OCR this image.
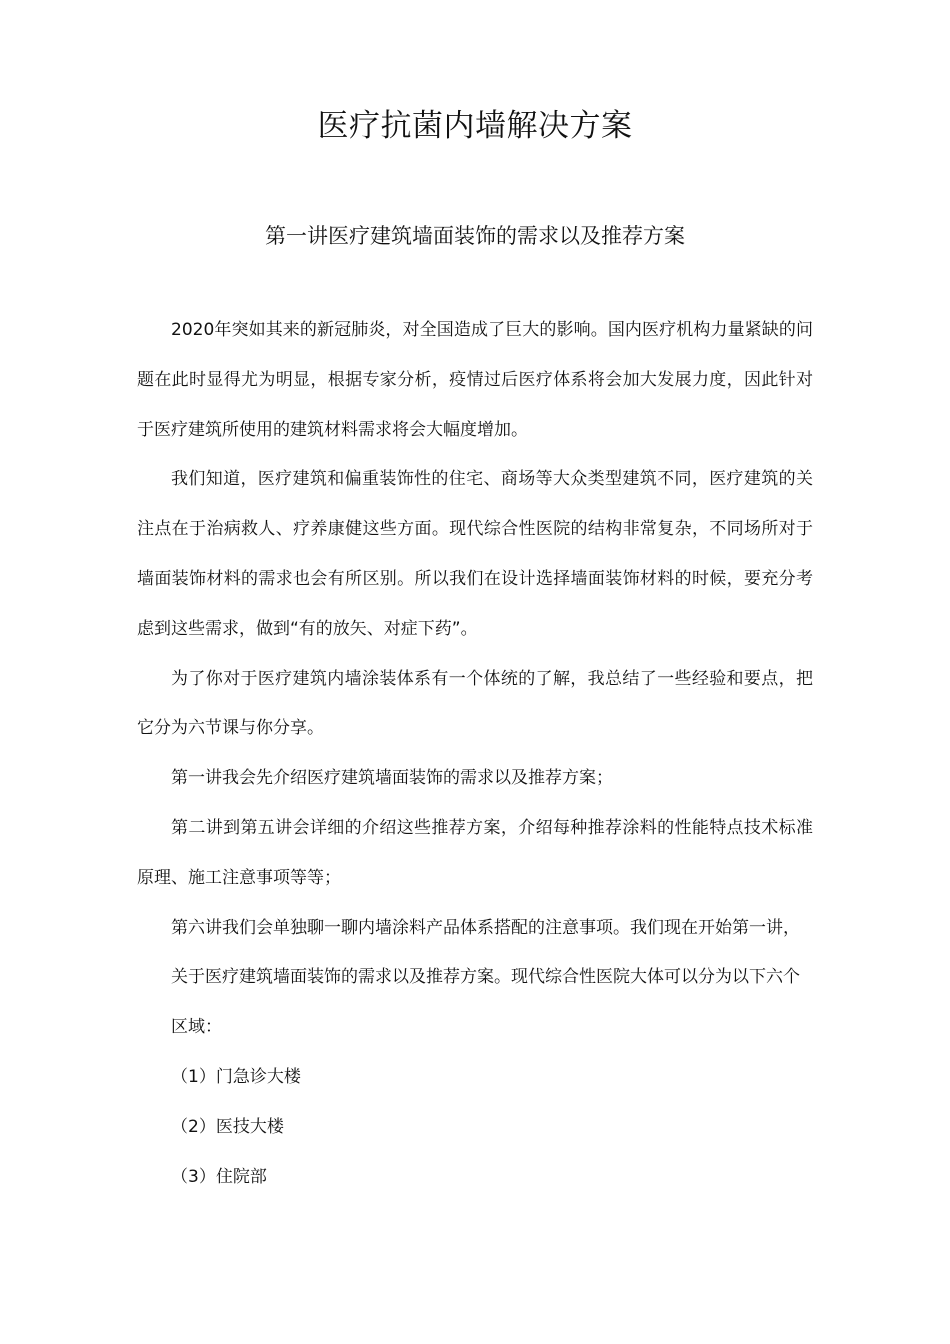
医疗抗菌内墙解决方案
第一讲医疗建筑墙面装饰的需求以及推荐方案

2020年突如其来的新冠肺炎，对全国造成了巨大的影响。国内医疗机构力量紧缺的问题在此时显得尤为明显，根据专家分析，疫情过后医疗体系将会加大发展力度，因此针对于医疗建筑所使用的建筑材料需求将会大幅度增加。

我们知道，医疗建筑和偏重装饰性的住宅、商场等大众类型建筑不同，医疗建筑的关注点在于治病救人、疗养康健这些方面。现代综合性医院的结构非常复杂，不同场所对于墙面装饰材料的需求也会有所区别。所以我们在设计选择墙面装饰材料的时候，要充分考虑到这些需求，做到“有的放矢、对症下药”。

为了你对于医疗建筑内墙涂装体系有一个体统的了解，我总结了一些经验和要点，把它分为六节课与你分享。

第一讲我会先介绍医疗建筑墙面装饰的需求以及推荐方案；

第二讲到第五讲会详细的介绍这些推荐方案，介绍每种推荐涂料的性能特点技术标准原理、施工注意事项等等；

第六讲我们会单独聊一聊内墙涂料产品体系搭配的注意事项。我们现在开始第一讲，关于医疗建筑墙面装饰的需求以及推荐方案。现代综合性医院大体可以分为以下六个区域：

（1）门急诊大楼

（2）医技大楼

（3）住院部
